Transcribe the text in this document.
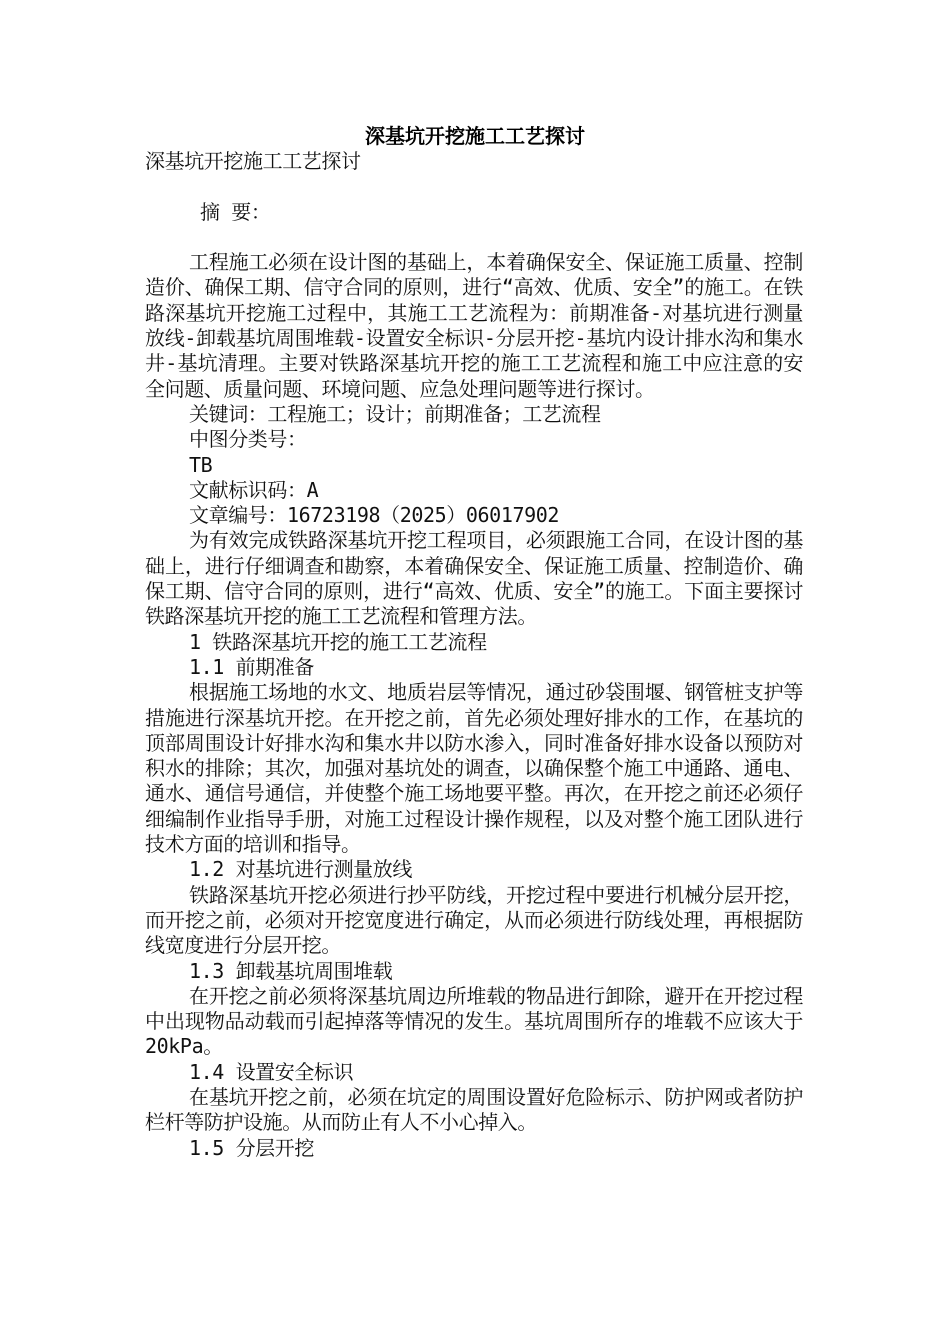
深基坑开挖施工工艺探讨

深基坑开挖施工工艺探讨

摘 要：

工程施工必须在设计图的基础上，本着确保安全、保证施工质量、控制造价、确保工期、信守合同的原则，进行“高效、优质、安全”的施工。在铁路深基坑开挖施工过程中，其施工工艺流程为：前期准备-对基坑进行测量放线-卸载基坑周围堆载-设置安全标识-分层开挖-基坑内设计排水沟和集水井-基坑清理。主要对铁路深基坑开挖的施工工艺流程和施工中应注意的安全问题、质量问题、环境问题、应急处理问题等进行探讨。

关键词：工程施工；设计；前期准备；工艺流程

中图分类号：

TB

文献标识码：A

文章编号：16723198（2025）06017902

为有效完成铁路深基坑开挖工程项目，必须跟施工合同，在设计图的基础上，进行仔细调查和勘察，本着确保安全、保证施工质量、控制造价、确保工期、信守合同的原则，进行“高效、优质、安全”的施工。下面主要探讨铁路深基坑开挖的施工工艺流程和管理方法。

1 铁路深基坑开挖的施工工艺流程

1.1 前期准备

根据施工场地的水文、地质岩层等情况，通过砂袋围堰、钢管桩支护等措施进行深基坑开挖。在开挖之前，首先必须处理好排水的工作，在基坑的顶部周围设计好排水沟和集水井以防水渗入，同时准备好排水设备以预防对积水的排除；其次，加强对基坑处的调查，以确保整个施工中通路、通电、通水、通信号通信，并使整个施工场地要平整。再次，在开挖之前还必须仔细编制作业指导手册，对施工过程设计操作规程，以及对整个施工团队进行技术方面的培训和指导。

1.2 对基坑进行测量放线

铁路深基坑开挖必须进行抄平防线，开挖过程中要进行机械分层开挖，而开挖之前，必须对开挖宽度进行确定，从而必须进行防线处理，再根据防线宽度进行分层开挖。

1.3 卸载基坑周围堆载

在开挖之前必须将深基坑周边所堆载的物品进行卸除，避开在开挖过程中出现物品动载而引起掉落等情况的发生。基坑周围所存的堆载不应该大于20kPa。

1.4 设置安全标识

在基坑开挖之前，必须在坑定的周围设置好危险标示、防护网或者防护栏杆等防护设施。从而防止有人不小心掉入。

1.5 分层开挖
